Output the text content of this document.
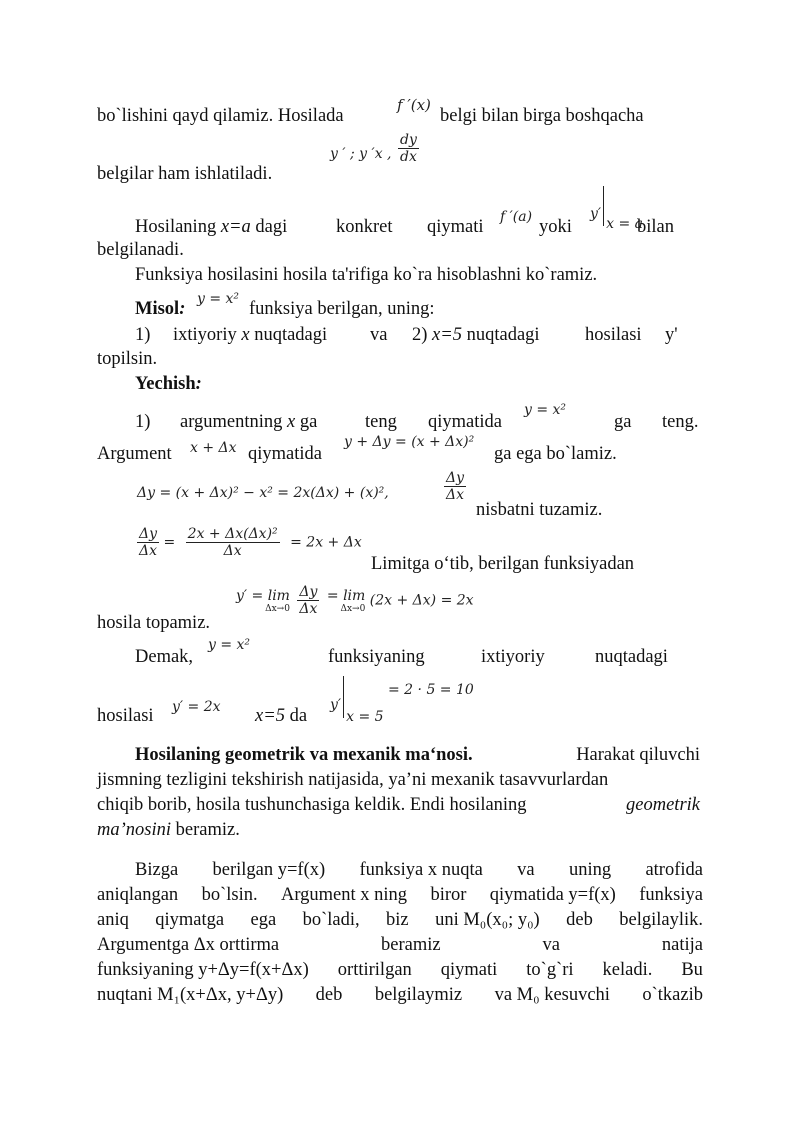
bo`lishini qayd qilamiz. Hosilada
f ′(x)
belgi bilan birga boshqacha
y ′ ; y ′x , $\frac{dy}{dx}$
belgilar ham ishlatiladi.
Hosilaning x=a dagi	konkret qiymati f ′(a) yoki
y′x = a
bilan
belgilanadi.
Funksiya hosilasini hosila ta'rifiga ko`ra hisoblashni ko`ramiz.
Misol: y = x² funksiya berilgan, uning:
1) ixtiyoriy x nuqtadagi va 2) x=5 nuqtadagi hosilasi y'
topilsin.
Yechish:
1) argumentning x ga	teng qiymatida
y = x²
ga teng.
Argument x + Δx qiymatida
y + Δy = (x + Δx)²
ga ega bo`lamiz.
Δy = (x + Δx)² − x² = 2x(Δx) + (x)²,	$\frac{\Delta y}{\Delta x}$
nisbatni tuzamiz.
$\frac{\Delta y}{\Delta x} = \frac{\text{2x + Δx(Δx)²}}{\Delta x} = 2x + \Delta x$
Limitga o‘tib, berilgan funksiyadan
y′ = lim
Δx→0
$\frac{\Delta y}{\Delta x}$
= lim
Δx→0 (2x + Δx) = 2x
hosila topamiz.
Demak,
y = x²
funksiyaning	ixtiyoriy	nuqtadagi
hosilasi y′ = 2x x=5 da
y′x = 5
= 2 · 5 = 10
Hosilaning geometrik va mexanik ma‘nosi.	Harakat qiluvchi
jismning tezligini tekshirish natijasida, ya’ni mexanik tasavvurlardan
chiqib borib, hosila tushunchasiga keldik. Endi hosilaning	geometrik
ma’nosini beramiz.
Bizga berilgan y=f(x) funksiya x nuqta va uning atrofida
aniqlangan bo`lsin. Argument x ning biror qiymatida y=f(x) funksiya
aniq qiymatga ega bo`ladi, biz uni M₀(x₀; y₀) deb belgilaylik.
Argumentga Δx orttirma	beramiz	va	natija
funksiyaning y+Δy=f(x+Δx) orttirilgan qiymati to`g`ri keladi. Bu
nuqtani M₁(x+Δx, y+Δy) deb belgilaymiz va M₀ kesuvchi o`tkazib
